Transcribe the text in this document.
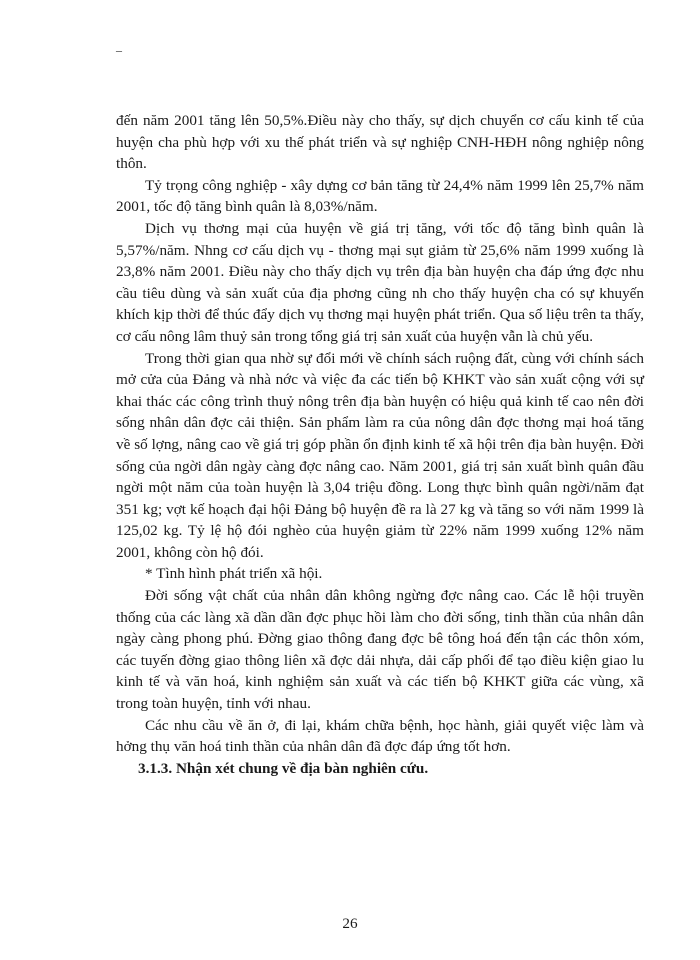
–

đến năm 2001 tăng lên 50,5%.Điều này cho thấy, sự dịch chuyển cơ cấu kinh tế của huyện cha phù hợp với xu thế phát triển và sự nghiệp CNH-HĐH nông nghiệp nông thôn.

Tỷ trọng công nghiệp - xây dựng cơ bản tăng từ 24,4% năm 1999 lên 25,7% năm 2001, tốc độ tăng bình quân là 8,03%/năm.

Dịch vụ thơng mại của huyện về giá trị tăng, với tốc độ tăng bình quân là 5,57%/năm. Nhng cơ cấu dịch vụ - thơng mại sụt giảm từ 25,6% năm 1999 xuống là 23,8% năm 2001. Điều này cho thấy dịch vụ trên địa bàn huyện cha đáp ứng đợc nhu cầu tiêu dùng và sản xuất của địa phơng cũng nh cho thấy huyện cha có sự khuyến khích kịp thời để thúc đẩy dịch vụ thơng mại huyện phát triển. Qua số liệu trên ta thấy, cơ cấu nông lâm thuỷ sản trong tổng giá trị sản xuất của huyện vẫn là chủ yếu.

Trong thời gian qua nhờ sự đổi mới về chính sách ruộng đất, cùng với chính sách mở cửa của Đảng và nhà nớc và việc đa các tiến bộ KHKT vào sản xuất cộng với sự khai thác các công trình thuỷ nông trên địa bàn huyện có hiệu quả kinh tế cao nên đời sống nhân dân đợc cải thiện. Sản phẩm làm ra của nông dân đợc thơng mại hoá tăng về số lợng, nâng cao về giá trị góp phần ổn định kinh tế xã hội trên địa bàn huyện. Đời sống của ngời dân ngày càng đợc nâng cao. Năm 2001, giá trị sản xuất bình quân đầu ngời một năm của toàn huyện là 3,04 triệu đồng. Long thực bình quân ngời/năm đạt 351 kg; vợt kế hoạch đại hội Đảng bộ huyện đề ra là 27 kg và tăng so với năm 1999 là 125,02 kg. Tỷ lệ hộ đói nghèo của huyện giảm từ 22% năm 1999 xuống 12% năm 2001, không còn hộ đói.

* Tình hình phát triển xã hội.

Đời sống vật chất của nhân dân không ngừng đợc nâng cao. Các lễ hội truyền thống của các làng xã dần dần đợc phục hồi làm cho đời sống, tinh thần của nhân dân ngày càng phong phú. Đờng giao thông đang đợc bê tông hoá đến tận các thôn xóm, các tuyến đờng giao thông liên xã đợc dải nhựa, dải cấp phối để tạo điều kiện giao lu kinh tế và văn hoá, kinh nghiệm sản xuất và các tiến bộ KHKT giữa các vùng, xã trong toàn huyện, tỉnh với nhau.

Các nhu cầu về ăn ở, đi lại, khám chữa bệnh, học hành, giải quyết việc làm và hởng thụ văn hoá tinh thần của nhân dân đã đợc đáp ứng tốt hơn.

3.1.3. Nhận xét chung về địa bàn nghiên cứu.

26
